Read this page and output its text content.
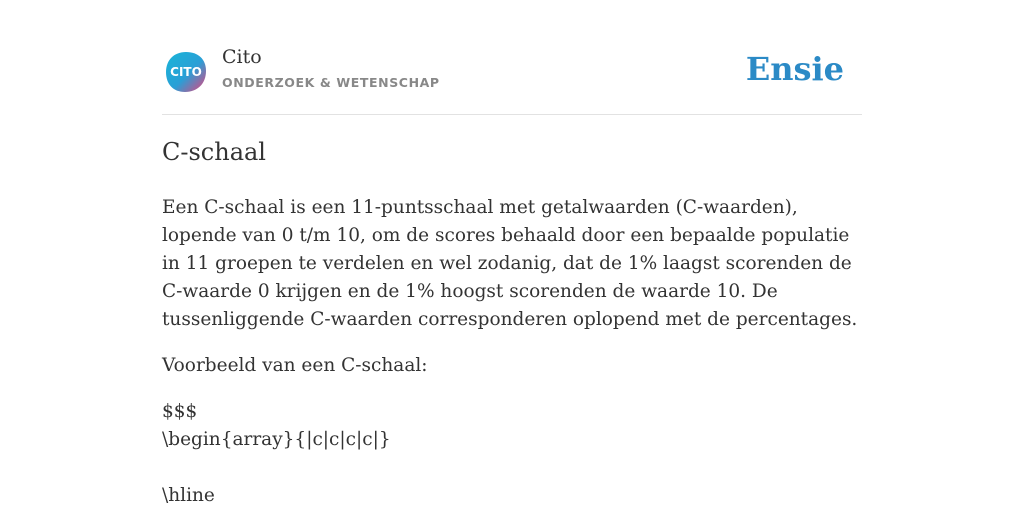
CITO
Cito
ONDERZOEK & WETENSCHAP	Ensie
C-schaal

Een C-schaal is een 11-puntsschaal met getalwaarden (C-waarden), lopende van 0 t/m 10, om de scores behaald door een bepaalde populatie in 11 groepen te verdelen en wel zodanig, dat de 1% laagst scorenden de C-waarde 0 krijgen en de 1% hoogst scorenden de waarde 10. De tussenliggende C-waarden corresponderen oplopend met de percentages.

Voorbeeld van een C-schaal:

$$$
\begin{array}{|c|c|c|c|}
\hline
